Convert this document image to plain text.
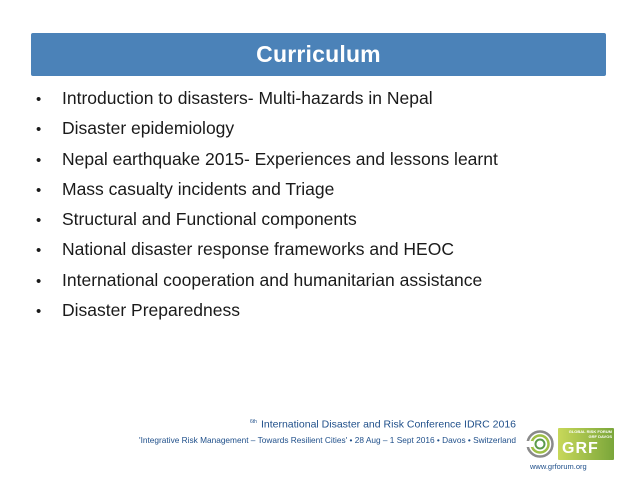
Curriculum
•	Introduction to disasters- Multi-hazards in Nepal
•	Disaster epidemiology
•	Nepal earthquake 2015- Experiences and lessons learnt
•	Mass casualty incidents and Triage
•	Structural and Functional components
•	National disaster response frameworks and HEOC
•	International cooperation and humanitarian assistance
•	Disaster Preparedness
$^{6th}$ International Disaster and Risk Conference IDRC 2016
'Integrative Risk Management – Towards Resilient Cities' • 28 Aug – 1 Sept 2016 • Davos • Switzerland
GLOBAL RISK FORUM GRF DAVOS
GRF
www.grforum.org
